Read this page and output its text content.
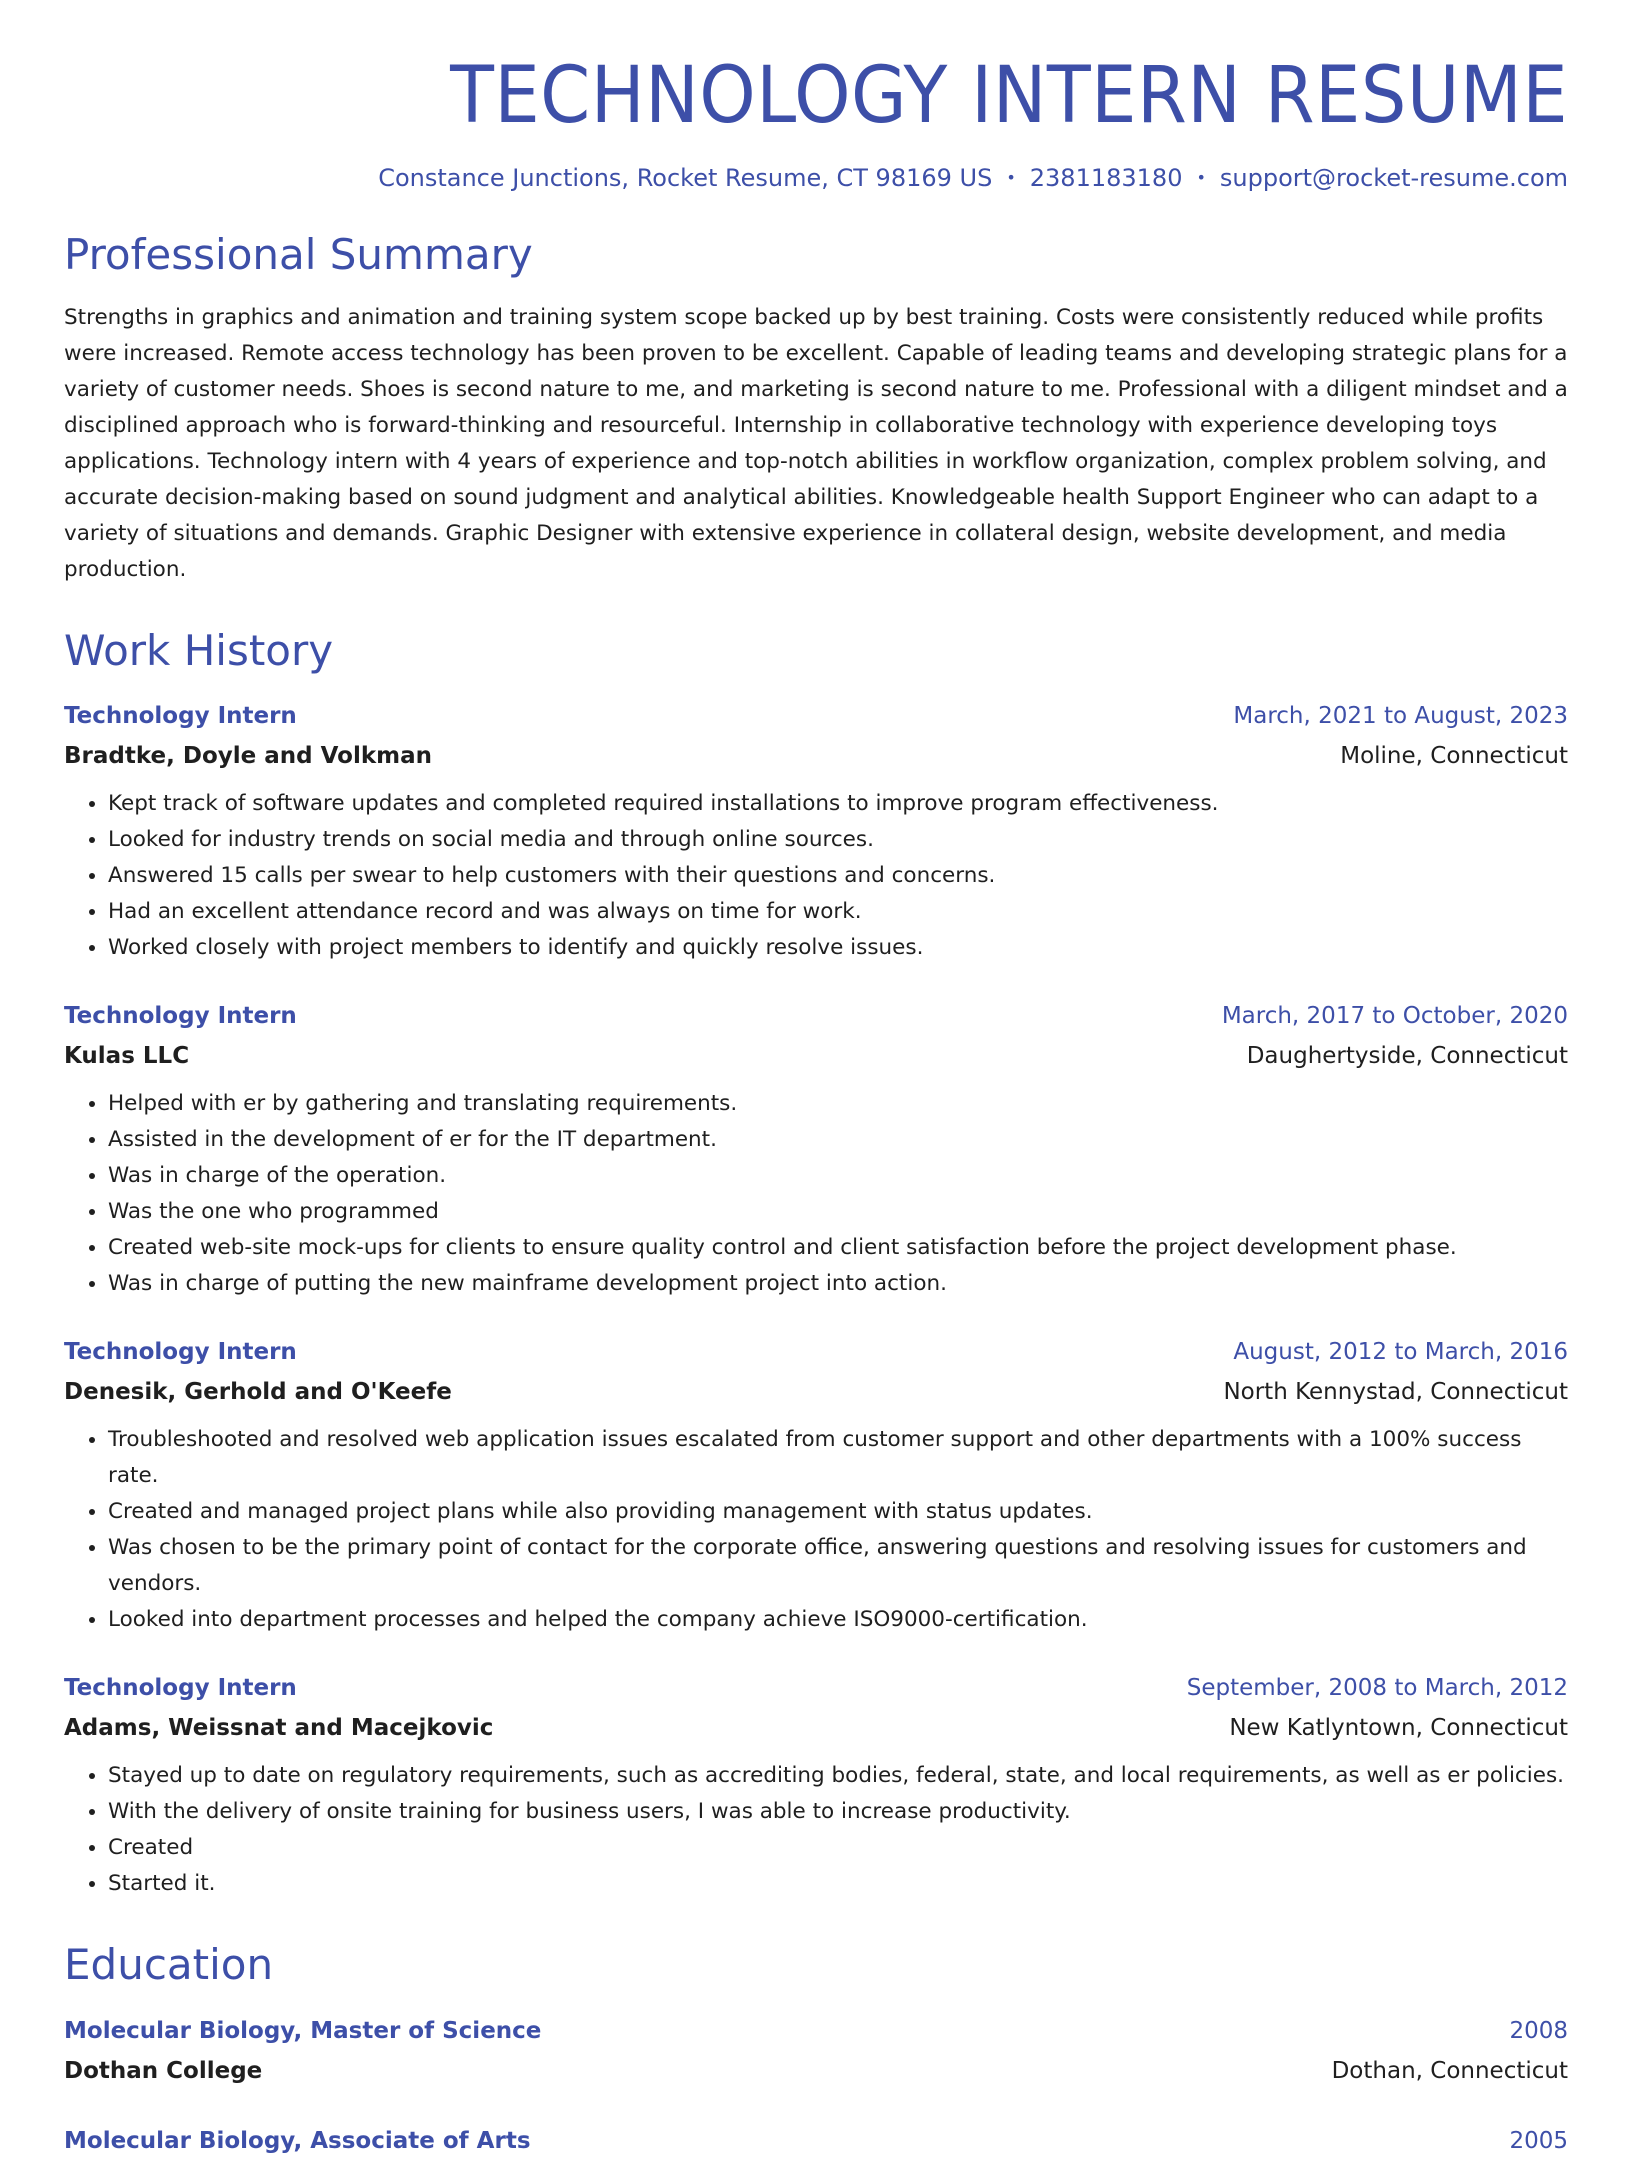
TECHNOLOGY INTERN RESUME
Constance Junctions, Rocket Resume, CT 98169 US • 2381183180 • support@rocket-resume.com
Professional Summary

Strengths in graphics and animation and training system scope backed up by best training. Costs were consistently reduced while profits were increased. Remote access technology has been proven to be excellent. Capable of leading teams and developing strategic plans for a variety of customer needs. Shoes is second nature to me, and marketing is second nature to me. Professional with a diligent mindset and a disciplined approach who is forward-thinking and resourceful. Internship in collaborative technology with experience developing toys applications. Technology intern with 4 years of experience and top-notch abilities in workflow organization, complex problem solving, and accurate decision-making based on sound judgment and analytical abilities. Knowledgeable health Support Engineer who can adapt to a variety of situations and demands. Graphic Designer with extensive experience in collateral design, website development, and media production.

Work History
Technology Intern	March, 2021 to August, 2023
Bradtke, Doyle and Volkman	Moline, Connecticut
• Kept track of software updates and completed required installations to improve program effectiveness.
• Looked for industry trends on social media and through online sources.
• Answered 15 calls per swear to help customers with their questions and concerns.
• Had an excellent attendance record and was always on time for work.
• Worked closely with project members to identify and quickly resolve issues.
Technology Intern	March, 2017 to October, 2020
Kulas LLC	Daughertyside, Connecticut
• Helped with er by gathering and translating requirements.
• Assisted in the development of er for the IT department.
• Was in charge of the operation.
• Was the one who programmed
• Created web-site mock-ups for clients to ensure quality control and client satisfaction before the project development phase.
• Was in charge of putting the new mainframe development project into action.
Technology Intern	August, 2012 to March, 2016
Denesik, Gerhold and O'Keefe	North Kennystad, Connecticut
• Troubleshooted and resolved web application issues escalated from customer support and other departments with a 100% success rate.
• Created and managed project plans while also providing management with status updates.
• Was chosen to be the primary point of contact for the corporate office, answering questions and resolving issues for customers and vendors.
• Looked into department processes and helped the company achieve ISO9000-certification.
Technology Intern	September, 2008 to March, 2012
Adams, Weissnat and Macejkovic	New Katlyntown, Connecticut
• Stayed up to date on regulatory requirements, such as accrediting bodies, federal, state, and local requirements, as well as er policies.
• With the delivery of onsite training for business users, I was able to increase productivity.
• Created
• Started it.
Education
Molecular Biology, Master of Science	2008
Dothan College	Dothan, Connecticut
Molecular Biology, Associate of Arts	2005
